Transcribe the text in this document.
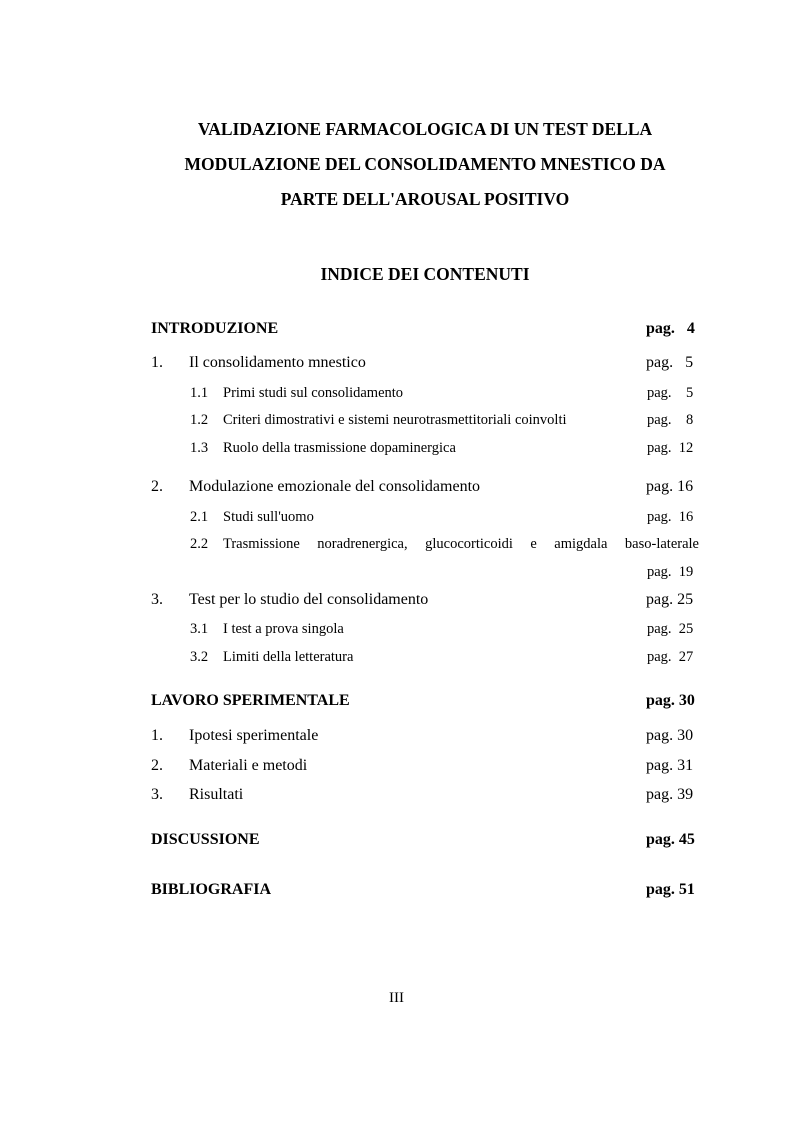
VALIDAZIONE FARMACOLOGICA DI UN TEST DELLA
MODULAZIONE DEL CONSOLIDAMENTO MNESTICO DA
PARTE DELL'AROUSAL POSITIVO
INDICE DEI CONTENUTI
INTRODUZIONE	pag.   4
1. Il consolidamento mnestico	pag.   5
1.1 Primi studi sul consolidamento	pag.    5
1.2 Criteri dimostrativi e sistemi neurotrasmettitoriali coinvolti	pag.    8
1.3 Ruolo della trasmissione dopaminergica	pag.  12
2. Modulazione emozionale del consolidamento	pag. 16
2.1 Studi sull'uomo	pag.  16
2.2 Trasmissione noradrenergica, glucocorticoidi e amigdala baso-laterale
pag.  19
3. Test per lo studio del consolidamento	pag. 25
3.1 I test a prova singola	pag.  25
3.2 Limiti della letteratura	pag.  27
LAVORO SPERIMENTALE	pag. 30
1. Ipotesi sperimentale	pag. 30
2. Materiali e metodi	pag. 31
3. Risultati	pag. 39
DISCUSSIONE	pag. 45
BIBLIOGRAFIA	pag. 51

III
